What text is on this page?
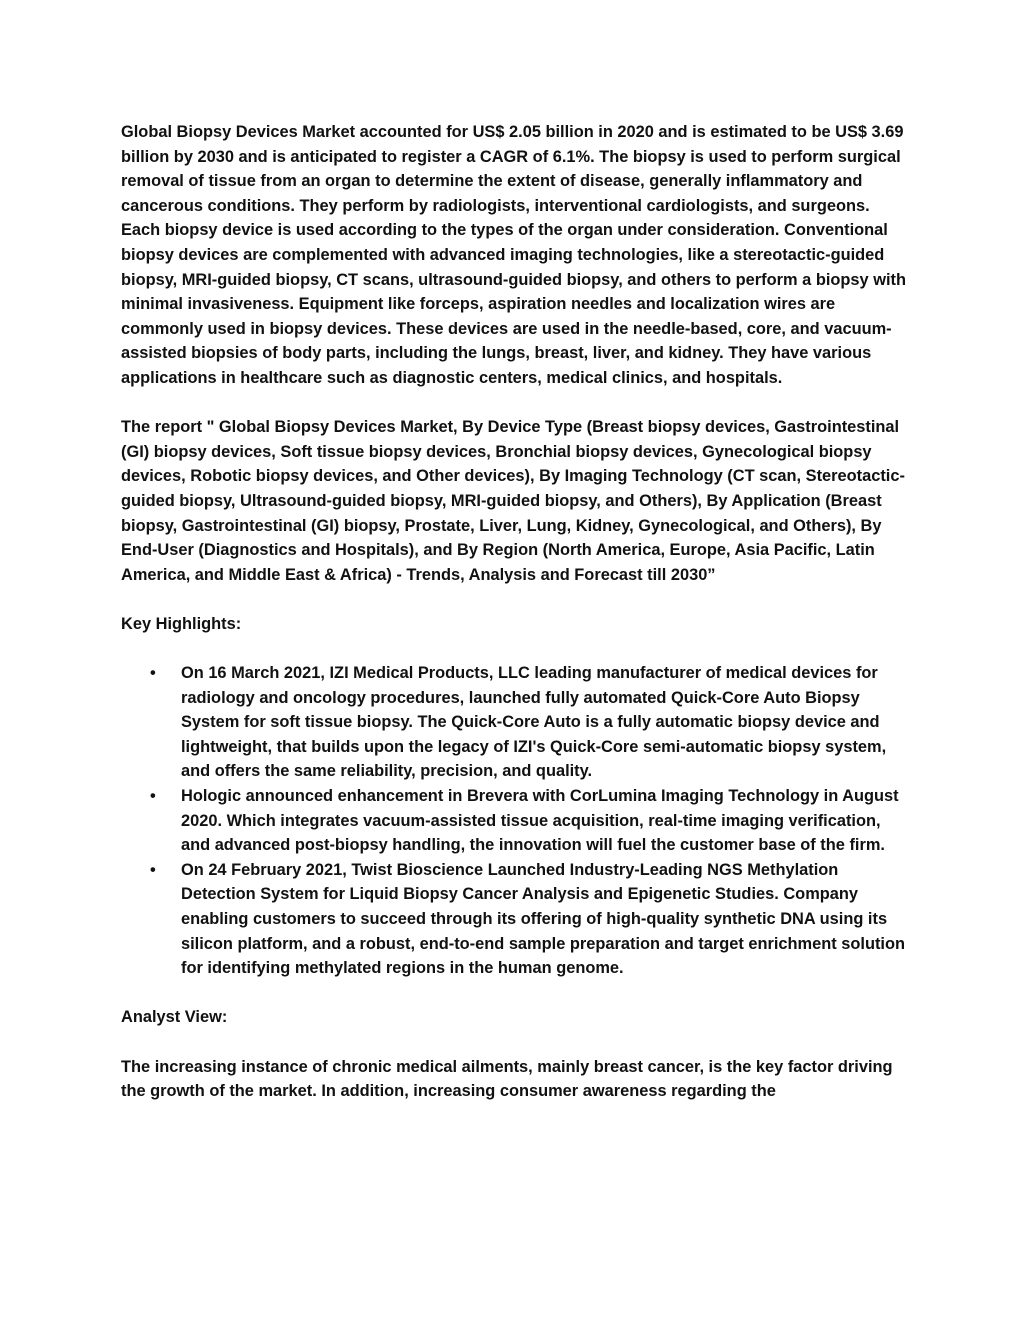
Global Biopsy Devices Market accounted for US$ 2.05 billion in 2020 and is estimated to be US$ 3.69 billion by 2030 and is anticipated to register a CAGR of 6.1%. The biopsy is used to perform surgical removal of tissue from an organ to determine the extent of disease, generally inflammatory and cancerous conditions. They perform by radiologists, interventional cardiologists, and surgeons. Each biopsy device is used according to the types of the organ under consideration. Conventional biopsy devices are complemented with advanced imaging technologies, like a stereotactic-guided biopsy, MRI-guided biopsy, CT scans, ultrasound-guided biopsy, and others to perform a biopsy with minimal invasiveness. Equipment like forceps, aspiration needles and localization wires are commonly used in biopsy devices. These devices are used in the needle-based, core, and vacuum-assisted biopsies of body parts, including the lungs, breast, liver, and kidney. They have various applications in healthcare such as diagnostic centers, medical clinics, and hospitals.

The report " Global Biopsy Devices Market, By Device Type (Breast biopsy devices, Gastrointestinal (GI) biopsy devices, Soft tissue biopsy devices, Bronchial biopsy devices, Gynecological biopsy devices, Robotic biopsy devices, and Other devices), By Imaging Technology (CT scan, Stereotactic-guided biopsy, Ultrasound-guided biopsy, MRI-guided biopsy, and Others), By Application (Breast biopsy, Gastrointestinal (GI) biopsy, Prostate, Liver, Lung, Kidney, Gynecological, and Others), By End-User (Diagnostics and Hospitals), and By Region (North America, Europe, Asia Pacific, Latin America, and Middle East & Africa) - Trends, Analysis and Forecast till 2030”

Key Highlights:

• On 16 March 2021, IZI Medical Products, LLC leading manufacturer of medical devices for radiology and oncology procedures, launched fully automated Quick-Core Auto Biopsy System for soft tissue biopsy. The Quick-Core Auto is a fully automatic biopsy device and lightweight, that builds upon the legacy of IZI's Quick-Core semi-automatic biopsy system, and offers the same reliability, precision, and quality.
• Hologic announced enhancement in Brevera with CorLumina Imaging Technology in August 2020. Which integrates vacuum-assisted tissue acquisition, real-time imaging verification, and advanced post-biopsy handling, the innovation will fuel the customer base of the firm.
• On 24 February 2021, Twist Bioscience Launched Industry-Leading NGS Methylation Detection System for Liquid Biopsy Cancer Analysis and Epigenetic Studies. Company enabling customers to succeed through its offering of high-quality synthetic DNA using its silicon platform, and a robust, end-to-end sample preparation and target enrichment solution for identifying methylated regions in the human genome.

Analyst View:

The increasing instance of chronic medical ailments, mainly breast cancer, is the key factor driving the growth of the market. In addition, increasing consumer awareness regarding the
